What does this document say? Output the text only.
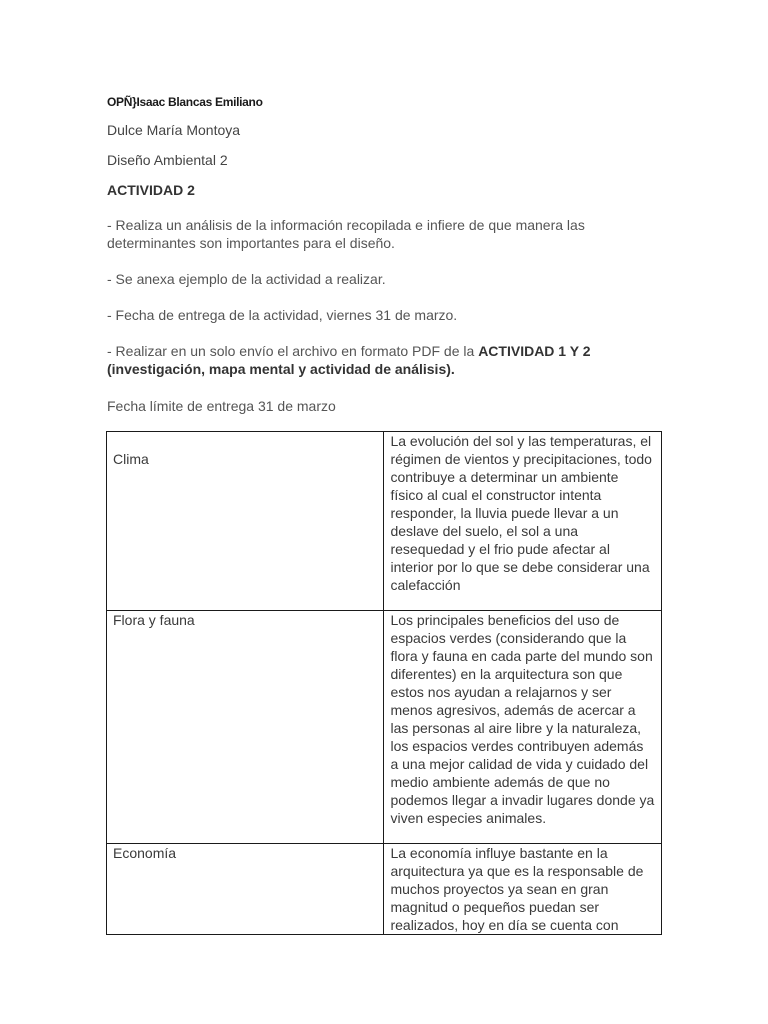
OPÑ}Isaac Blancas Emiliano
Dulce María Montoya
Diseño Ambiental 2
ACTIVIDAD 2
- Realiza un análisis de la información recopilada e infiere de que manera las determinantes son importantes para el diseño.
- Se anexa ejemplo de la actividad a realizar.
- Fecha de entrega de la actividad, viernes 31 de marzo.
- Realizar en un solo envío el archivo en formato PDF de la ACTIVIDAD 1 Y 2 (investigación, mapa mental y actividad de análisis).
Fecha límite de entrega 31 de marzo
Clima	La evolución del sol y las temperaturas, el régimen de vientos y precipitaciones, todo contribuye a determinar un ambiente físico al cual el constructor intenta responder, la lluvia puede llevar a un deslave del suelo, el sol a una resequedad y el frio pude afectar al interior por lo que se debe considerar una calefacción
Flora y fauna	Los principales beneficios del uso de espacios verdes (considerando que la flora y fauna en cada parte del mundo son diferentes) en la arquitectura son que estos nos ayudan a relajarnos y ser menos agresivos, además de acercar a las personas al aire libre y la naturaleza, los espacios verdes contribuyen además a una mejor calidad de vida y cuidado del medio ambiente además de que no podemos llegar a invadir lugares donde ya viven especies animales.
Economía	La economía influye bastante en la arquitectura ya que es la responsable de muchos proyectos ya sean en gran magnitud o pequeños puedan ser realizados, hoy en día se cuenta con
